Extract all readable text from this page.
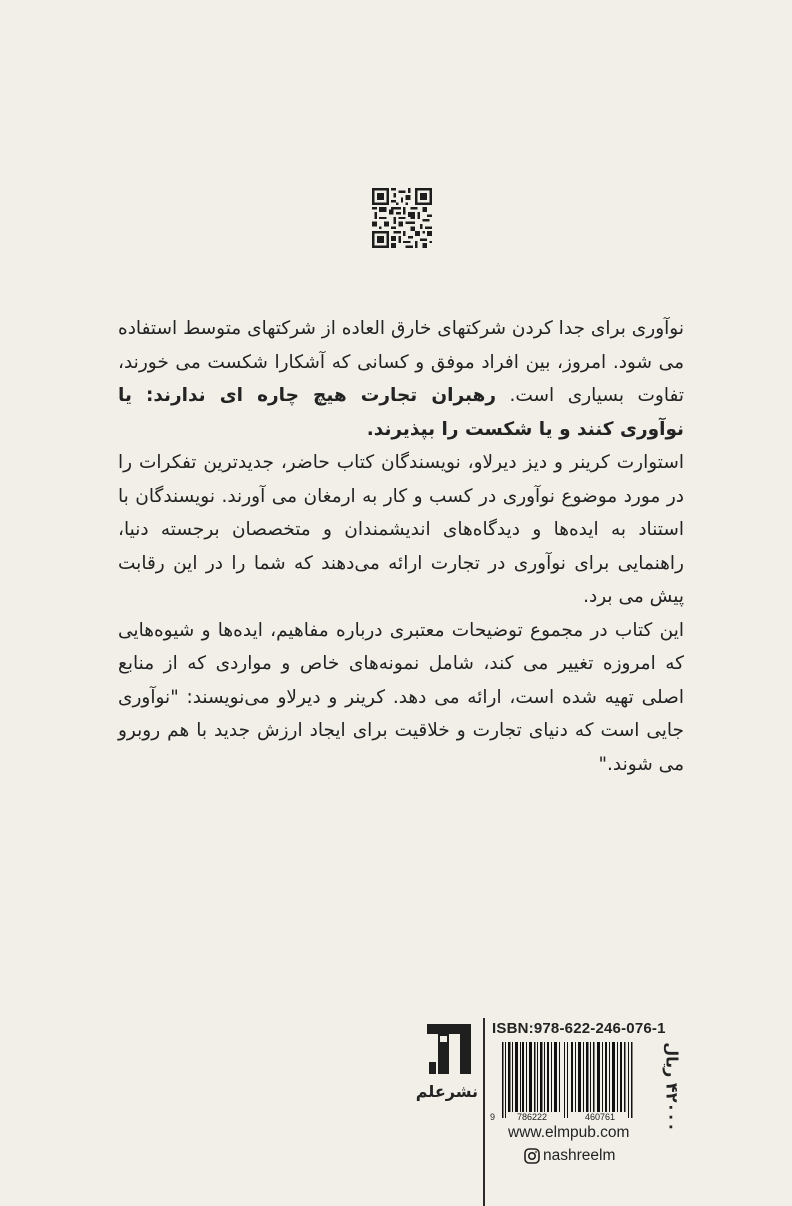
نوآوری برای جدا کردن شرکتهای خارق العاده از شرکتهای متوسط استفاده می شود. امروز، بین افراد موفق و کسانی که آشکارا شکست می خورند، تفاوت بسیاری است. رهبران تجارت هیچ چاره ای ندارند: یا نوآوری کنند و یا شکست را بپذیرند.

استوارت کرینر و دیز دیرلاو، نویسندگان کتاب حاضر، جدیدترین تفکرات را در مورد موضوع نوآوری در کسب و کار به ارمغان می آورند. نویسندگان با استناد به ایده‌ها و دیدگاه‌های اندیشمندان و متخصصان برجسته دنیا، راهنمایی برای نوآوری در تجارت ارائه می‌دهند که شما را در این رقابت پیش می برد.

این کتاب در مجموع توضیحات معتبری درباره مفاهیم، ایده‌ها و شیوه‌هایی که امروزه تغییر می کند، شامل نمونه‌های خاص و مواردی که از منابع اصلی تهیه شده است، ارائه می دهد. کرینر و دیرلاو می‌نویسند: "نوآوری جایی است که دنیای تجارت و خلاقیت برای ایجاد ارزش جدید با هم روبرو می شوند."

نشرعلم
ISBN:978-622-246-076-1
9 786222	460761
۴۲۰۰۰ ریال
www.elmpub.com
nashreelm
